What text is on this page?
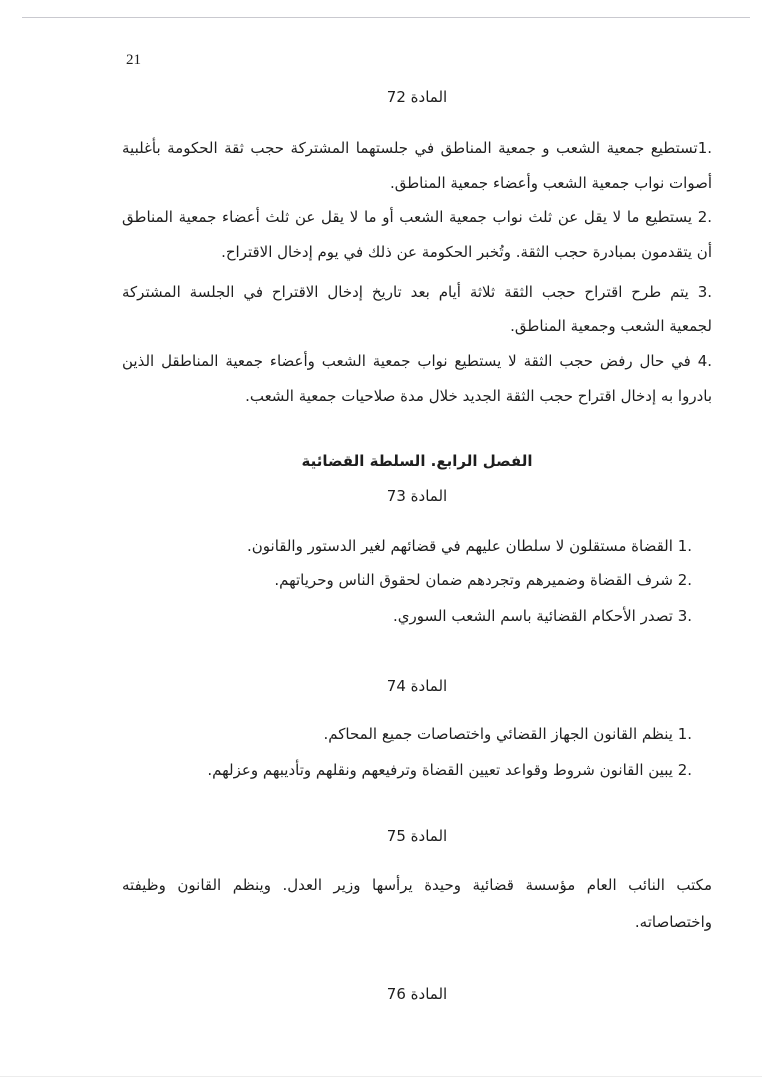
21
المادة 72
1.تستطيع جمعية الشعب و جمعية المناطق في جلستهما المشتركة حجب ثقة الحكومة بأغلبية
أصوات نواب جمعية الشعب وأعضاء جمعية المناطق.
2. يستطيع ما لا يقل عن ثلث نواب جمعية الشعب أو ما لا يقل عن ثلث أعضاء جمعية المناطق
أن يتقدمون بمبادرة حجب الثقة. وتُخبر الحكومة عن ذلك في يوم إدخال الاقتراح.
3. يتم طرح اقتراح حجب الثقة ثلاثة أيام بعد تاريخ إدخال الاقتراح في الجلسة المشتركة
لجمعية الشعب وجمعية المناطق.
4. في حال رفض حجب الثقة لا يستطيع نواب جمعية الشعب وأعضاء جمعية المناطقل الذين
بادروا به إدخال اقتراح حجب الثقة الجديد خلال مدة صلاحيات جمعية الشعب.
الفصل الرابع. السلطة القضائية
المادة 73
1. القضاة مستقلون لا سلطان عليهم في قضائهم لغير الدستور والقانون.
2. شرف القضاة وضميرهم وتجردهم ضمان لحقوق الناس وحرياتهم.
3. تصدر الأحكام القضائية باسم الشعب السوري.
المادة 74
1. ينظم القانون الجهاز القضائي واختصاصات جميع المحاكم.
2. يبين القانون شروط وقواعد تعيين القضاة وترفيعهم ونقلهم وتأديبهم وعزلهم.
المادة 75
مكتب النائب العام مؤسسة قضائية وحيدة يرأسها وزير العدل. وينظم القانون وظيفته
واختصاصاته.
المادة 76
